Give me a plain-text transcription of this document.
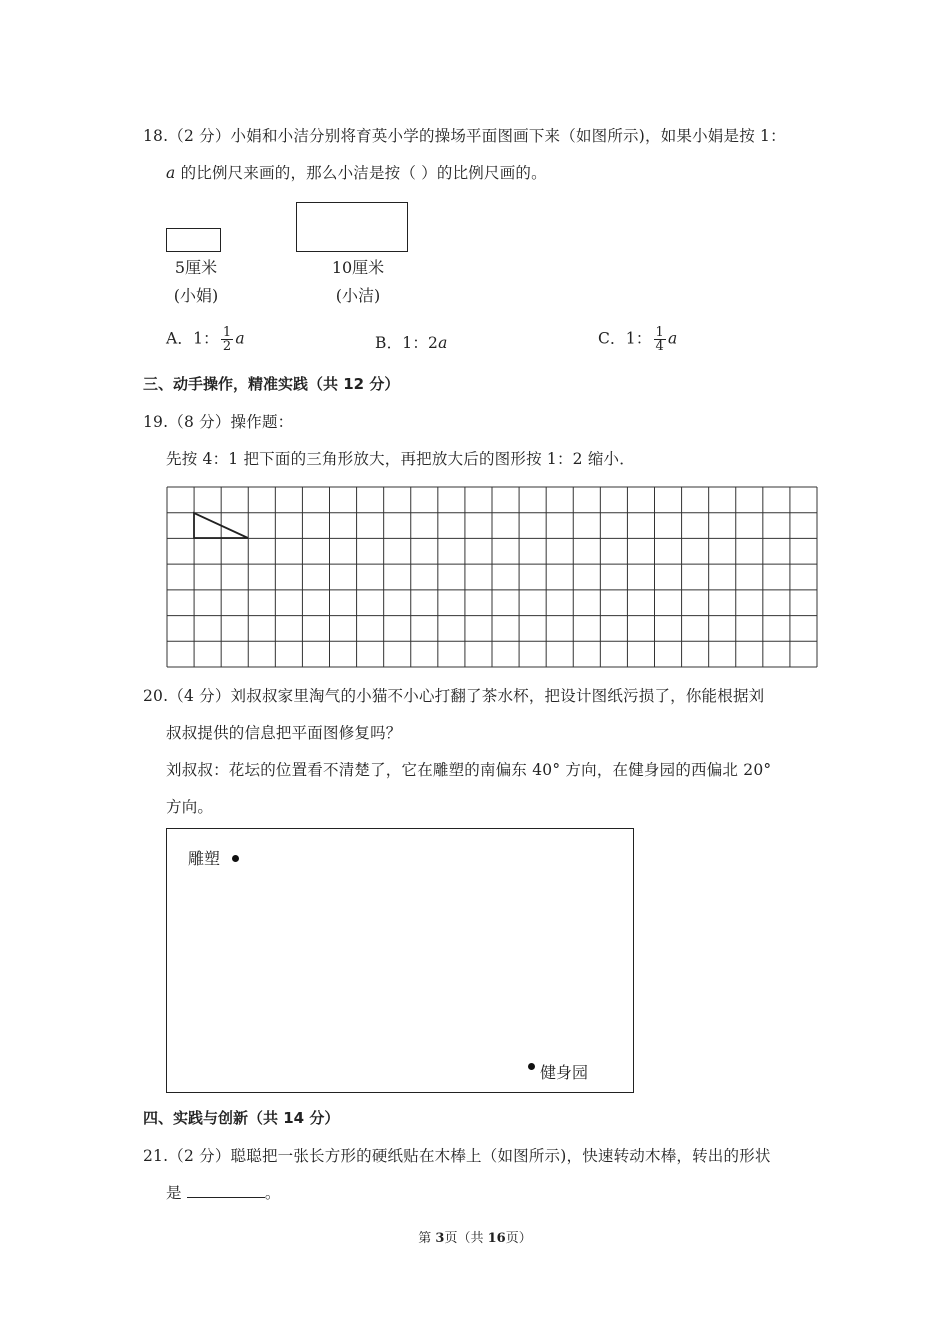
18.（2 分）小娟和小洁分别将育英小学的操场平面图画下来（如图所示)，如果小娟是按 1：
a 的比例尺来画的，那么小洁是按（ ）的比例尺画的。
5厘米
(小娟)
10厘米
(小洁)
A．1： $\frac{1}{2}$ a	B．1：2a	C．1： $\frac{1}{4}$ a
三、动手操作，精准实践（共 12 分）
19.（8 分）操作题：
先按 4：1 把下面的三角形放大，再把放大后的图形按 1：2 缩小．
20.（4 分）刘叔叔家里淘气的小猫不小心打翻了茶水杯，把设计图纸污损了，你能根据刘
叔叔提供的信息把平面图修复吗？
刘叔叔：花坛的位置看不清楚了，它在雕塑的南偏东 40° 方向，在健身园的西偏北 20°
方向。
雕塑
健身园
四、实践与创新（共 14 分）
21.（2 分）聪聪把一张长方形的硬纸贴在木棒上（如图所示)，快速转动木棒，转出的形状
是	。
第 3页（共 16页）
